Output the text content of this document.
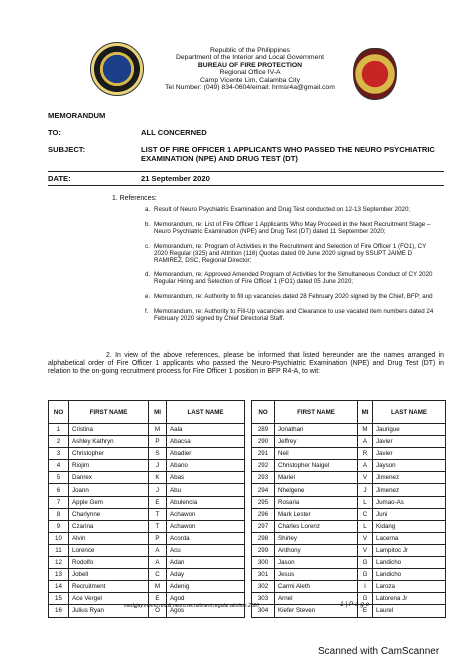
Republic of the Philippines
Department of the Interior and Local Government
BUREAU OF FIRE PROTECTION
Regional Office IV-A
Camp Vicente Lim, Calamba City
Tel Number: (049) 834-0604/email: hrmsr4a@gmail.com
MEMORANDUM
TO:	ALL CONCERNED
SUBJECT:	LIST OF FIRE OFFICER 1 APPLICANTS WHO PASSED THE NEURO PSYCHIATRIC EXAMINATION (NPE) AND DRUG TEST (DT)
DATE:	21 September 2020
1. References:
a. Result of Neuro Psychiatric Examination and Drug Test conducted on 12-13 September 2020;
b. Memorandum, re: List of Fire Officer 1 Applicants Who May Proceed in the Next Recruitment Stage – Neuro Psychiatric Examination (NPE) and Drug Test (DT) dated 11 September 2020;
c. Memorandum, re: Program of Activities in the Recruitment and Selection of Fire Officer 1 (FO1), CY 2020 Regular (325) and Attrition (116) Quotas dated 09 June 2020 signed by SSUPT JAIME D RAMIREZ, DSC, Regional Director;
d. Memorandum, re: Approved Amended Program of Activities for the Simultaneous Conduct of CY 2020 Regular Hiring and Selection of Fire Officer 1 (FO1) dated 05 June 2020;
e. Memorandum, re: Authority to fill up vacancies dated 28 February 2020 signed by the Chief, BFP; and
f. Memorandum, re: Authority to Fill-Up vacancies and Clearance to use vacated item numbers dated 24 February 2020 signed by Chief Directorial Staff.
2. In view of the above references, please be informed that listed hereunder are the names arranged in alphabetical order of Fire Officer 1 applicants who passed the Neuro-Psychiatric Examination (NPE) and Drug Test (DT) in relation to the on-going recruitment process for Fire Officer 1 position in BFP R4-A, to wit:
NO	FIRST NAME	MI	LAST NAME
1	Cristina	M	Aala
2	Ashley Kathryn	P	Abacsa
3	Christopher	S	Abadier
4	Riojim	J	Abario
5	Danrex	K	Abas
6	Joann	J	Abu
7	Apple Gem	E	Abulencia
8	Charlynne	T	Achawon
9	Czarina	T	Achawon
10	Alvin	P	Acorda
11	Lorence	A	Acu
12	Rodolfo	A	Adan
13	Jobell	C	Aday
14	Recruitment	M	Adenig
15	Ace Vergel	E	Agod
16	Julius Ryan	O	Agos
NO	FIRST NAME	MI	LAST NAME
289	Jonathan	M	Jaurigue
290	Jeffrey	A	Javier
291	Neil	R	Javier
292	Christopher Naigel	A	Jayson
293	Mariel	V	Jimenez
294	Nhelgene	J	Jimenez
295	Rosaria	L	Jumao-As
296	Mark Lester	C	Juni
297	Charles Lorenz	L	Kidang
298	Shirley	V	Lacerna
299	Anthony	V	Lampitoc Jr
300	Jason	G	Landicho
301	Jesus	G	Landicho
302	Carmi Aleth	I	Laroza
303	Arnel	G	Latorena Jr
304	Kiefer Steven	E	Laurel
medgjay.memo.result.neuro.recruitment.regular.attrition.2020	1 | P a g e
Scanned with CamScanner
